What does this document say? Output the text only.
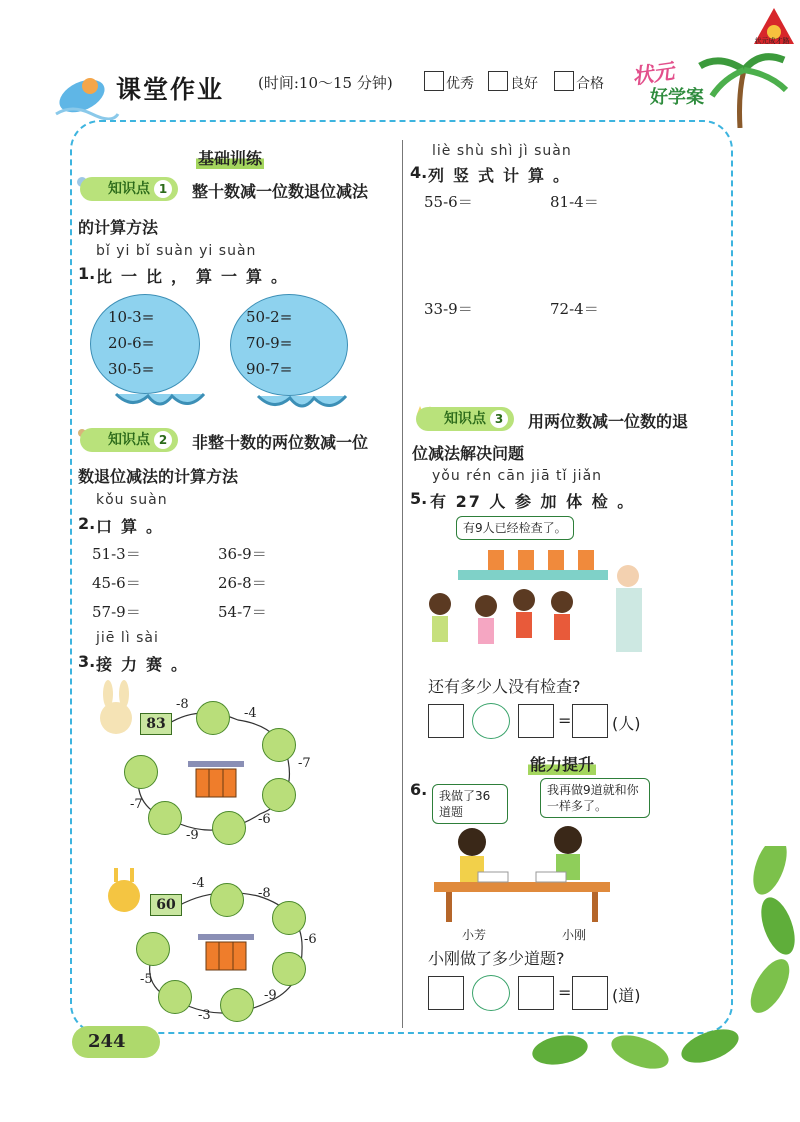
状元成才路
课堂作业 (时间:10～15 分钟)	优秀	良好	合格 状元
好学案
基础训练
知识点 1	整十数减一位数退位减法
的计算方法
bǐ yi bǐ suàn yi suàn
1. 比一比，算一算。
10-3=
20-6=
30-5=
50-2=
70-9=
90-7=
知识点 2	非整十数的两位数减一位
数退位减法的计算方法
kǒu suàn
2. 口算。
51-3＝	36-9＝
45-6＝	26-8＝
57-9＝	54-7＝
jiē lì sài
3. 接力赛。
83
-8
-4
-7
-6
-9
-7
60
-4
-8
-6
-9
-3
-5
liè shù shì jì suàn
4. 列竖式计算。
55-6＝	81-4＝
33-9＝	72-4＝
知识点 3	用两位数减一位数的退
位减法解决问题
yǒu rén cān jiā tǐ jiǎn
5. 有 27 人 参 加 体 检 。
有9人已经检查了。
还有多少人没有检查?
=	(人)
能力提升
6. 我做了36道题
我再做9道就和你一样多了。
小芳	小刚
小刚做了多少道题?
=	(道)
244
